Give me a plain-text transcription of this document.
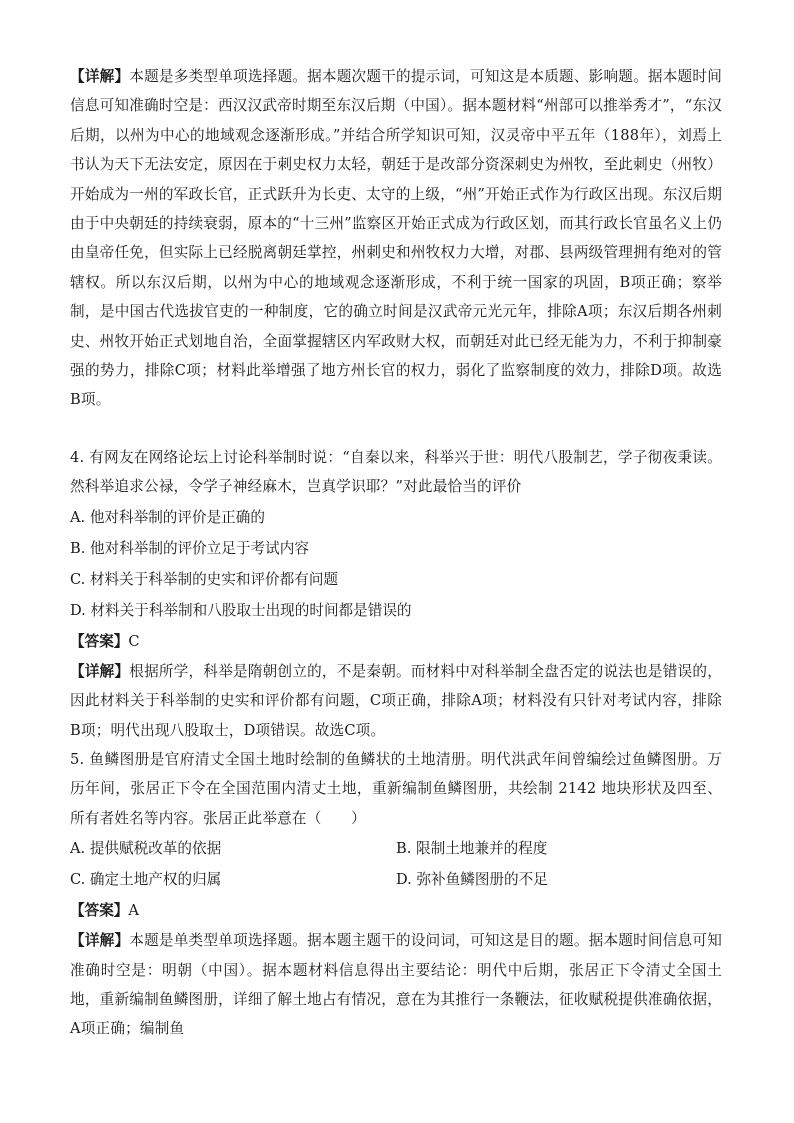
【详解】本题是多类型单项选择题。据本题次题干的提示词，可知这是本质题、影响题。据本题时间信息可知准确时空是：西汉汉武帝时期至东汉后期（中国）。据本题材料“州部可以推举秀才”，“东汉后期，以州为中心的地域观念逐渐形成。”并结合所学知识可知，汉灵帝中平五年（188年），刘焉上书认为天下无法安定，原因在于刺史权力太轻，朝廷于是改部分资深刺史为州牧，至此刺史（州牧）开始成为一州的军政长官，正式跃升为长吏、太守的上级，“州”开始正式作为行政区出现。东汉后期由于中央朝廷的持续衰弱，原本的“十三州”监察区开始正式成为行政区划，而其行政长官虽名义上仍由皇帝任免，但实际上已经脱离朝廷掌控，州刺史和州牧权力大增，对郡、县两级管理拥有绝对的管辖权。所以东汉后期，以州为中心的地域观念逐渐形成，不利于统一国家的巩固，B项正确；察举制，是中国古代选拔官吏的一种制度，它的确立时间是汉武帝元光元年，排除A项；东汉后期各州刺史、州牧开始正式划地自治，全面掌握辖区内军政财大权，而朝廷对此已经无能为力，不利于抑制豪强的势力，排除C项；材料此举增强了地方州长官的权力，弱化了监察制度的效力，排除D项。故选B项。

4. 有网友在网络论坛上讨论科举制时说：“自秦以来，科举兴于世：明代八股制艺，学子彻夜秉读。然科举追求公禄，令学子神经麻木，岂真学识耶？”对此最恰当的评价

A. 他对科举制的评价是正确的

B. 他对科举制的评价立足于考试内容

C. 材料关于科举制的史实和评价都有问题

D. 材料关于科举制和八股取士出现的时间都是错误的

【答案】C

【详解】根据所学，科举是隋朝创立的，不是秦朝。而材料中对科举制全盘否定的说法也是错误的，因此材料关于科举制的史实和评价都有问题，C项正确，排除A项；材料没有只针对考试内容，排除B项；明代出现八股取士，D项错误。故选C项。

5. 鱼鳞图册是官府清丈全国土地时绘制的鱼鳞状的土地清册。明代洪武年间曾编绘过鱼鳞图册。万历年间，张居正下令在全国范围内清丈土地，重新编制鱼鳞图册，共绘制 2142 地块形状及四至、所有者姓名等内容。张居正此举意在（　　）

A. 提供赋税改革的依据	B. 限制土地兼并的程度
C. 确定土地产权的归属	D. 弥补鱼鳞图册的不足

【答案】A

【详解】本题是单类型单项选择题。据本题主题干的设问词，可知这是目的题。据本题时间信息可知准确时空是：明朝（中国）。据本题材料信息得出主要结论：明代中后期，张居正下令清丈全国土地，重新编制鱼鳞图册，详细了解土地占有情况，意在为其推行一条鞭法，征收赋税提供准确依据，A项正确；编制鱼
